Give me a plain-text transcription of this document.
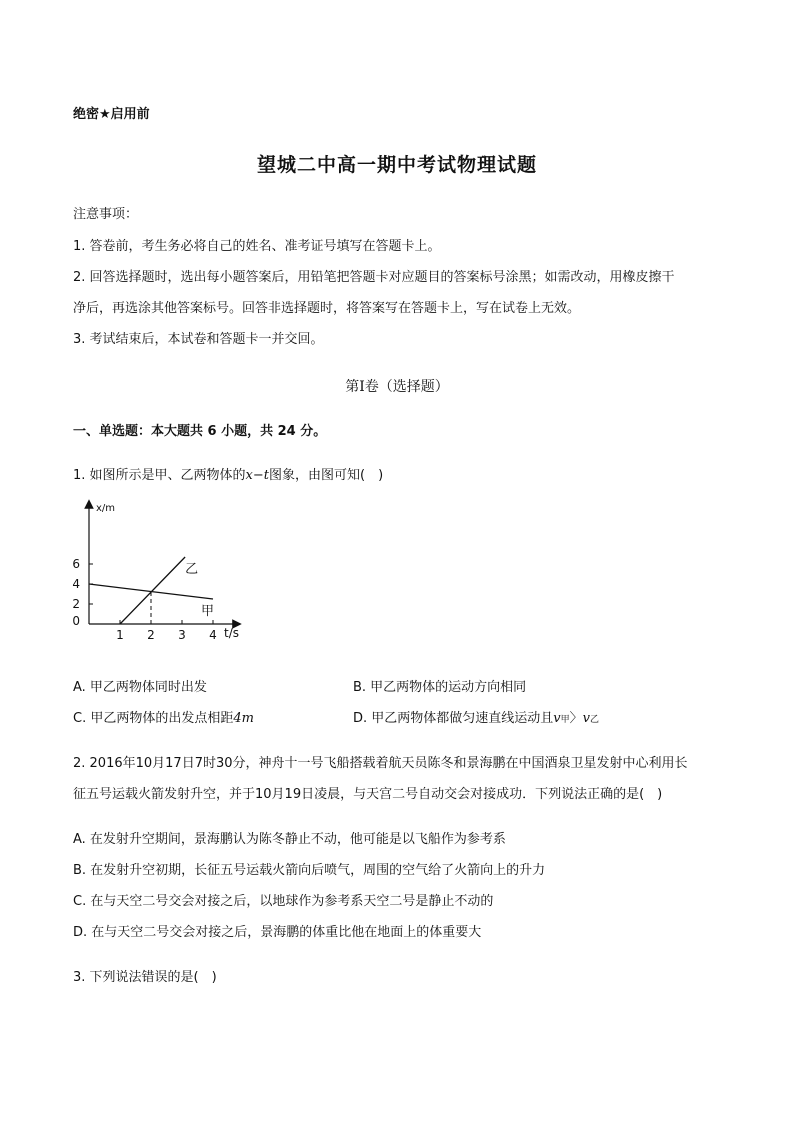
绝密★启用前
望城二中高一期中考试物理试题
注意事项：
1. 答卷前，考生务必将自己的姓名、准考证号填写在答题卡上。
2. 回答选择题时，选出每小题答案后，用铅笔把答题卡对应题目的答案标号涂黑；如需改动，用橡皮擦干
净后，再选涂其他答案标号。回答非选择题时，将答案写在答题卡上，写在试卷上无效。
3. 考试结束后，本试卷和答题卡一并交回。
第Ⅰ卷（选择题）
一、单选题：本大题共 6 小题，共 24 分。
1. 如图所示是甲、乙两物体的x−t图象，由图可知(　)
x/m
t/s
1 2 3 4
0
2
4
6
甲
乙
A. 甲乙两物体同时出发	B. 甲乙两物体的运动方向相同
C. 甲乙两物体的出发点相距4m	D. 甲乙两物体都做匀速直线运动且v甲〉v乙
2. 2016年10月17日7时30分，神舟十一号飞船搭载着航天员陈冬和景海鹏在中国酒泉卫星发射中心利用长
征五号运载火箭发射升空，并于10月19日凌晨，与天宫二号自动交会对接成功．下列说法正确的是(　)
A. 在发射升空期间，景海鹏认为陈冬静止不动，他可能是以飞船作为参考系
B. 在发射升空初期，长征五号运载火箭向后喷气，周围的空气给了火箭向上的升力
C. 在与天空二号交会对接之后，以地球作为参考系天空二号是静止不动的
D. 在与天空二号交会对接之后，景海鹏的体重比他在地面上的体重要大
3. 下列说法错误的是(　)
